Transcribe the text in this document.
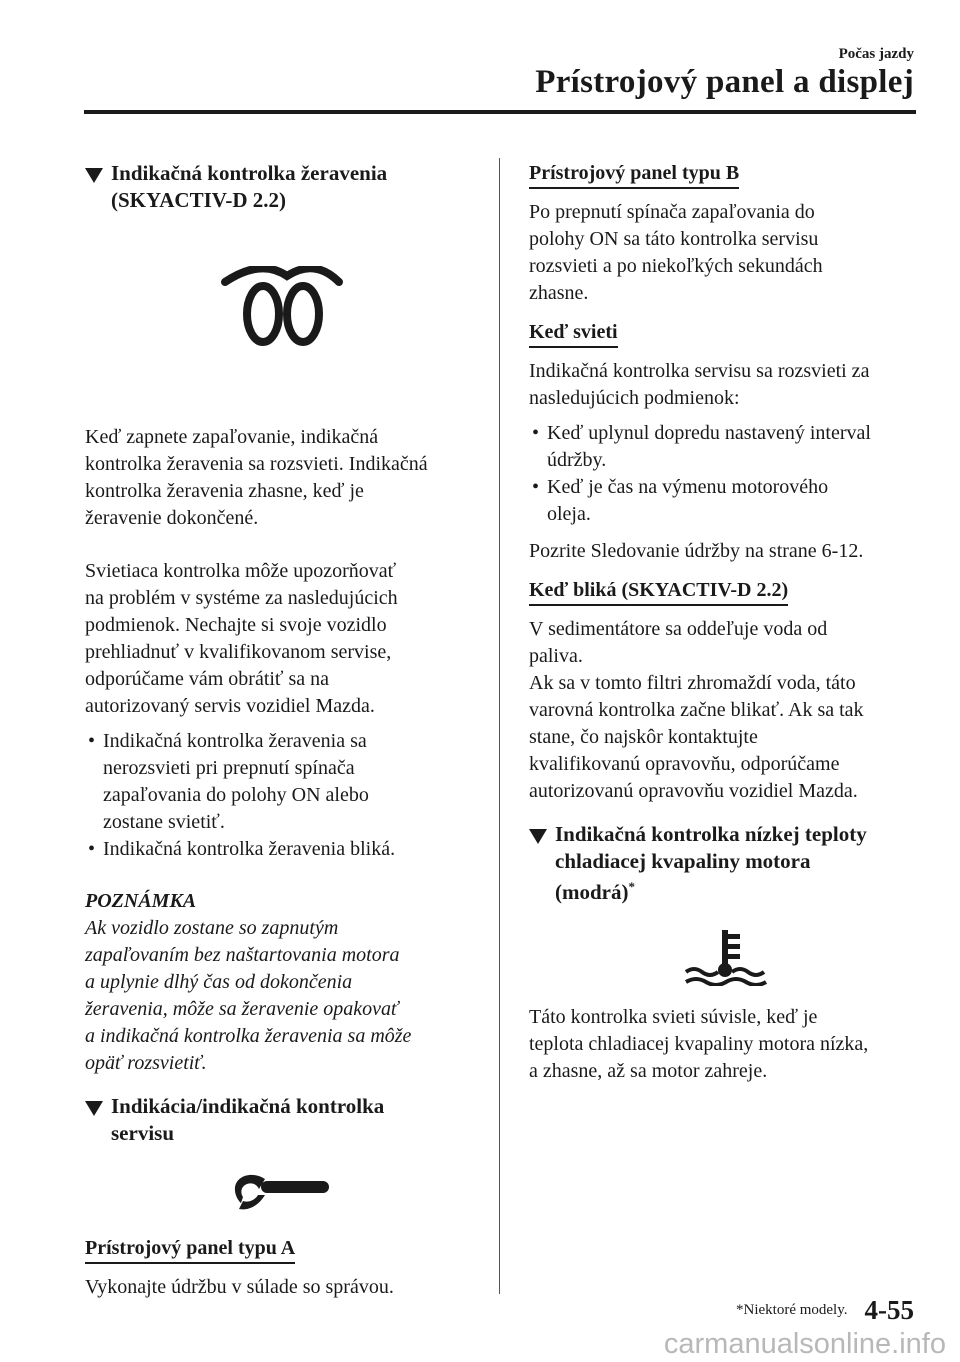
Počas jazdy
Prístrojový panel a displej
Indikačná kontrolka žeravenia
(SKYACTIV-D 2.2)

Keď zapnete zapaľovanie, indikačná

kontrolka žeravenia sa rozsvieti. Indikačná

kontrolka žeravenia zhasne, keď je

žeravenie dokončené.

Svietiaca kontrolka môže upozorňovať

na problém v systéme za nasledujúcich

podmienok. Nechajte si svoje vozidlo

prehliadnuť v kvalifikovanom servise,

odporúčame vám obrátiť sa na

autorizovaný servis vozidiel Mazda.

• Indikačná kontrolka žeravenia sa

nerozsvieti pri prepnutí spínača

zapaľovania do polohy ON alebo

zostane svietiť.

• Indikačná kontrolka žeravenia bliká.

POZNÁMKA

Ak vozidlo zostane so zapnutým

zapaľovaním bez naštartovania motora

a uplynie dlhý čas od dokončenia

žeravenia, môže sa žeravenie opakovať

a indikačná kontrolka žeravenia sa môže

opäť rozsvietiť.

Indikácia/indikačná kontrolka
servisu
Prístrojový panel typu A

Vykonajte údržbu v súlade so správou.

Prístrojový panel typu B

Po prepnutí spínača zapaľovania do

polohy ON sa táto kontrolka servisu

rozsvieti a po niekoľkých sekundách

zhasne.

Keď svieti

Indikačná kontrolka servisu sa rozsvieti za

nasledujúcich podmienok:

• Keď uplynul dopredu nastavený interval

údržby.

• Keď je čas na výmenu motorového

oleja.

Pozrite Sledovanie údržby na strane 6-12.

Keď bliká (SKYACTIV-D 2.2)

V sedimentátore sa oddeľuje voda od

paliva.

Ak sa v tomto filtri zhromaždí voda, táto

varovná kontrolka začne blikať. Ak sa tak

stane, čo najskôr kontaktujte

kvalifikovanú opravovňu, odporúčame

autorizovanú opravovňu vozidiel Mazda.

Indikačná kontrolka nízkej teploty
chladiacej kvapaliny motora
(modrá)*

Táto kontrolka svieti súvisle, keď je

teplota chladiacej kvapaliny motora nízka,

a zhasne, až sa motor zahreje.

*Niektoré modely. 4-55
carmanualsonline.info
